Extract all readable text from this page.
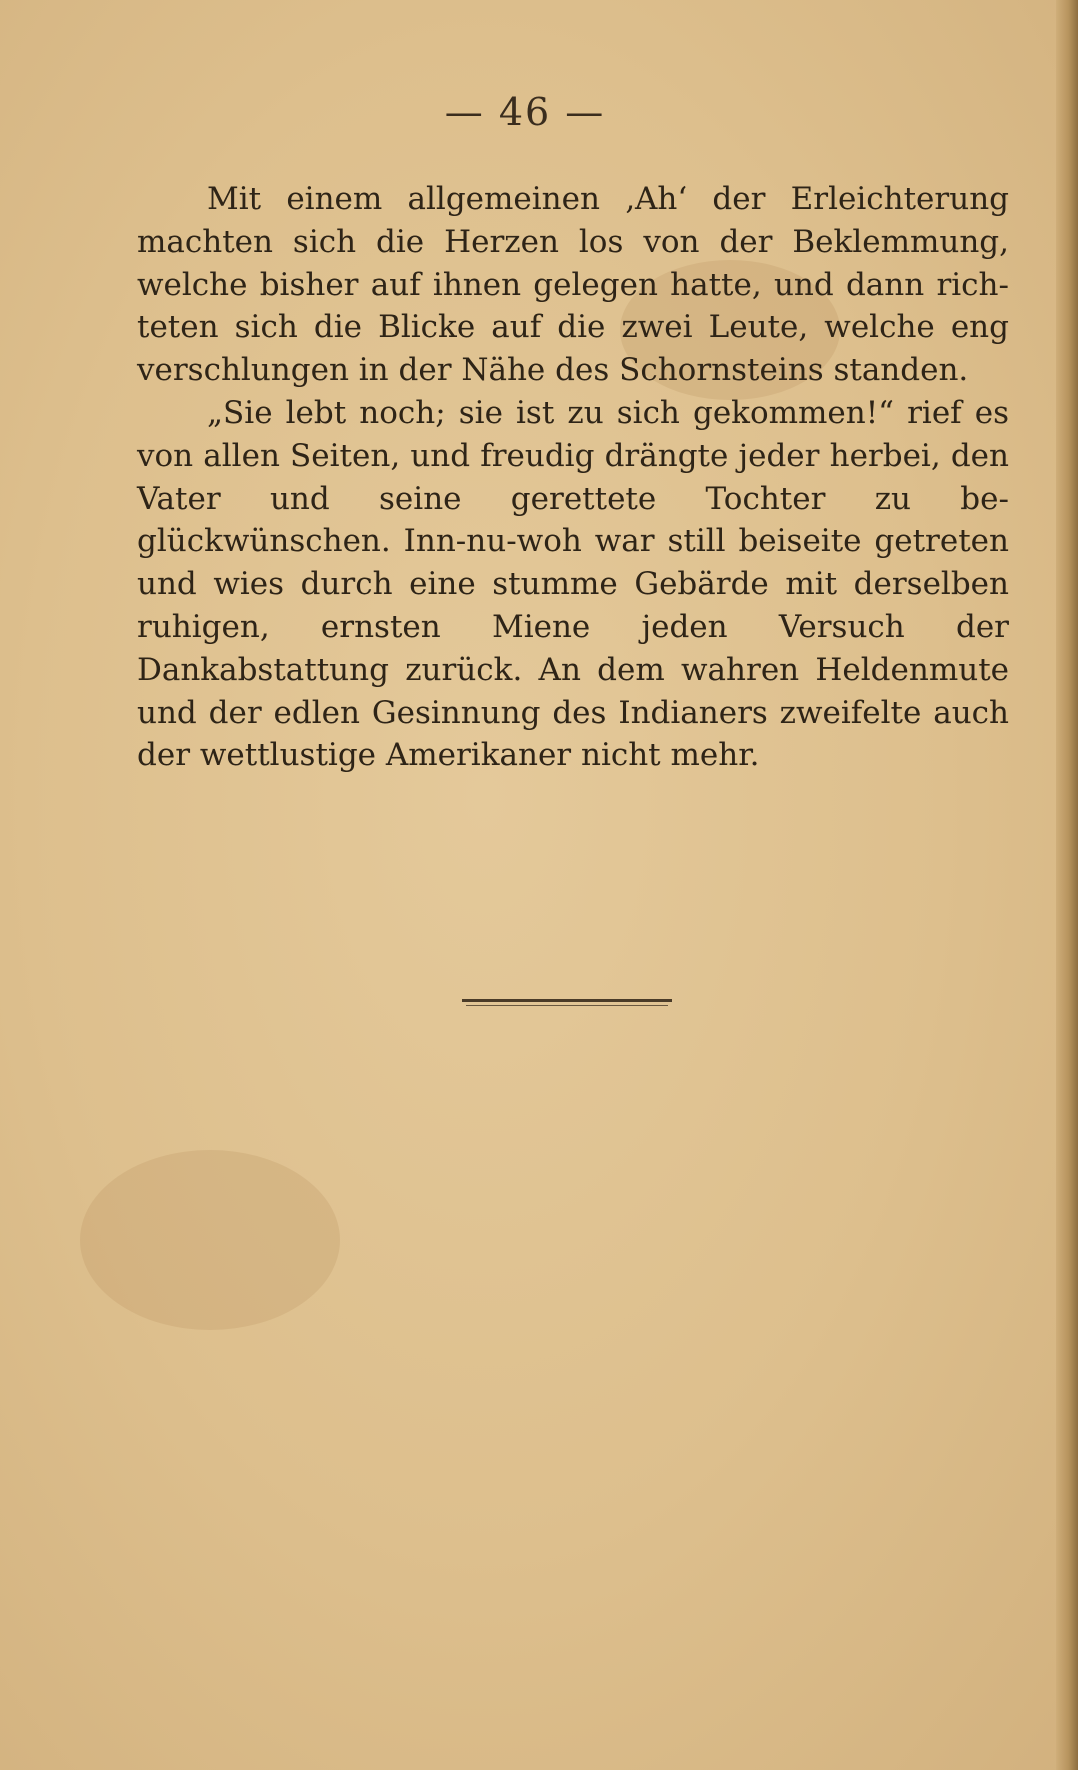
— 46 —

Mit einem allgemeinen ‚Ah‘ der Erleichterung machten sich die Herzen los von der Beklemmung, welche bisher auf ihnen gelegen hatte, und dann richteten sich die Blicke auf die zwei Leute, welche eng verschlungen in der Nähe des Schornsteins standen.

„Sie lebt noch; sie ist zu sich gekommen!“ rief es von allen Seiten, und freudig drängte jeder herbei, den Vater und seine gerettete Tochter zu beglückwünschen. Inn-nu-woh war still beiseite getreten und wies durch eine stumme Gebärde mit derselben ruhigen, ernsten Miene jeden Versuch der Dankabstattung zurück. An dem wahren Heldenmute und der edlen Gesinnung des Indianers zweifelte auch der wettlustige Amerikaner nicht mehr.
